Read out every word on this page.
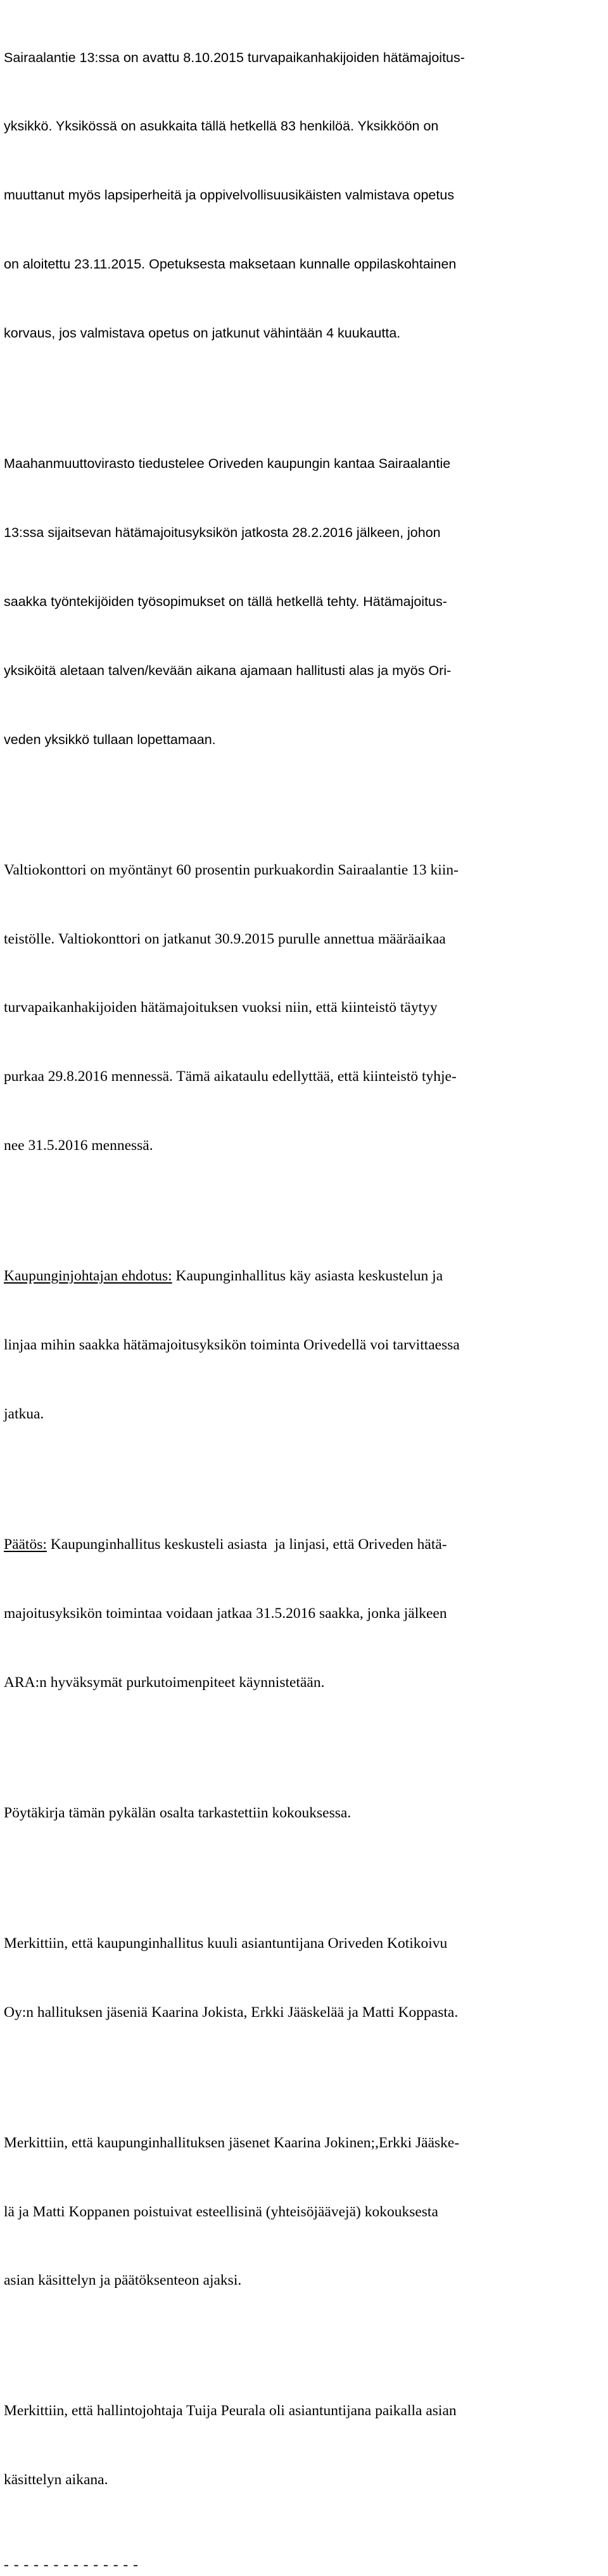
Sairaalantie 13:ssa on avattu 8.10.2015 turvapaikanhakijoiden hätämajoitus-

yksikkö. Yksikössä on asukkaita tällä hetkellä 83 henkilöä. Yksikköön on

muuttanut myös lapsiperheitä ja oppivelvollisuusikäisten valmistava opetus

on aloitettu 23.11.2015. Opetuksesta maksetaan kunnalle oppilaskohtainen

korvaus, jos valmistava opetus on jatkunut vähintään 4 kuukautta.

Maahanmuuttovirasto tiedustelee Oriveden kaupungin kantaa Sairaalantie

13:ssa sijaitsevan hätämajoitusyksikön jatkosta 28.2.2016 jälkeen, johon

saakka työntekijöiden työsopimukset on tällä hetkellä tehty. Hätämajoitus-

yksiköitä aletaan talven/kevään aikana ajamaan hallitusti alas ja myös Ori-

veden yksikkö tullaan lopettamaan.

Valtiokonttori on myöntänyt 60 prosentin purkuakordin Sairaalantie 13 kiin-

teistölle. Valtiokonttori on jatkanut 30.9.2015 purulle annettua määräaikaa

turvapaikanhakijoiden hätämajoituksen vuoksi niin, että kiinteistö täytyy

purkaa 29.8.2016 mennessä. Tämä aikataulu edellyttää, että kiinteistö tyhje-

nee 31.5.2016 mennessä.

Kaupunginjohtajan ehdotus: Kaupunginhallitus käy asiasta keskustelun ja

linjaa mihin saakka hätämajoitusyksikön toiminta Orivedellä voi tarvittaessa

jatkua.

Päätös: Kaupunginhallitus keskusteli asiasta  ja linjasi, että Oriveden hätä-

majoitusyksikön toimintaa voidaan jatkaa 31.5.2016 saakka, jonka jälkeen

ARA:n hyväksymät purkutoimenpiteet käynnistetään.

Pöytäkirja tämän pykälän osalta tarkastettiin kokouksessa.

Merkittiin, että kaupunginhallitus kuuli asiantuntijana Oriveden Kotikoivu

Oy:n hallituksen jäseniä Kaarina Jokista, Erkki Jääskelää ja Matti Koppasta.

Merkittiin, että kaupunginhallituksen jäsenet Kaarina Jokinen;,Erkki Jääske-

lä ja Matti Koppanen poistuivat esteellisinä (yhteisöjäävejä) kokouksesta

asian käsittelyn ja päätöksenteon ajaksi.

Merkittiin, että hallintojohtaja Tuija Peurala oli asiantuntijana paikalla asian

käsittelyn aikana.

- - - - - - - - - - - - - -
